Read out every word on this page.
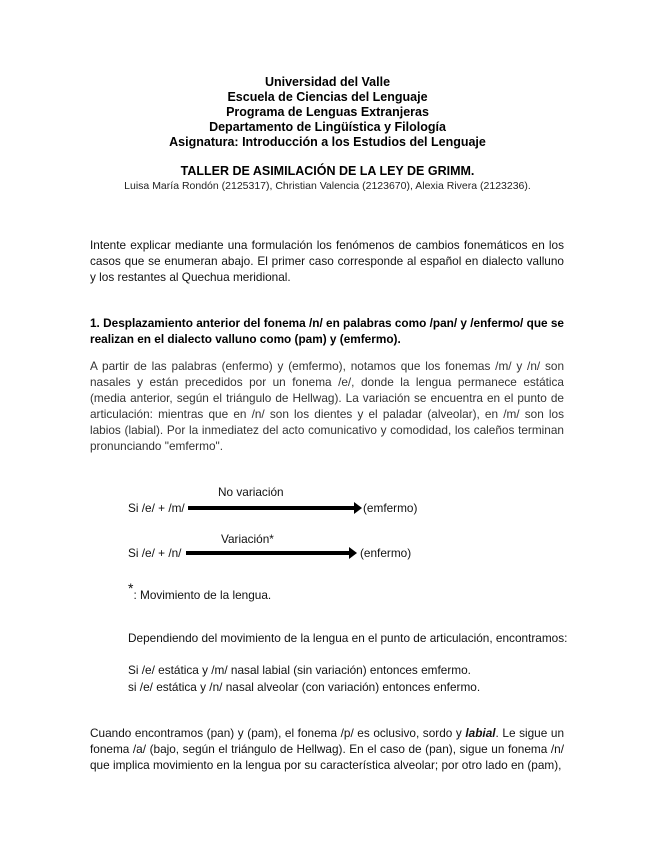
Universidad del Valle
Escuela de Ciencias del Lenguaje
Programa de Lenguas Extranjeras
Departamento de Lingüística y Filología
Asignatura: Introducción a los Estudios del Lenguaje
TALLER DE ASIMILACIÓN DE LA LEY DE GRIMM.
Luisa María Rondón (2125317), Christian Valencia (2123670), Alexia Rivera (2123236).
Intente explicar mediante una formulación los fenómenos de cambios fonemáticos en los casos que se enumeran abajo. El primer caso corresponde al español en dialecto valluno y los restantes al Quechua meridional.
1. Desplazamiento anterior del fonema /n/ en palabras como /pan/ y /enfermo/ que se realizan en el dialecto valluno como (pam) y (emfermo).
A partir de las palabras (enfermo) y (emfermo), notamos que los fonemas /m/ y /n/ son nasales y están precedidos por un fonema /e/, donde la lengua permanece estática (media anterior, según el triángulo de Hellwag). La variación se encuentra en el punto de articulación: mientras que en /n/ son los dientes y el paladar (alveolar), en /m/ son los labios (labial). Por la inmediatez del acto comunicativo y comodidad, los caleños terminan pronunciando "emfermo".
No variación
Si /e/ + /m/	(emfermo)
Variación*
Si /e/ + /n/	(enfermo)
*: Movimiento de la lengua.
Dependiendo del movimiento de la lengua en el punto de articulación, encontramos:
Si /e/ estática y /m/ nasal labial (sin variación) entonces emfermo.
si /e/ estática y /n/ nasal alveolar (con variación) entonces enfermo.
Cuando encontramos (pan) y (pam), el fonema /p/ es oclusivo, sordo y labial. Le sigue un fonema /a/ (bajo, según el triángulo de Hellwag). En el caso de (pan), sigue un fonema /n/ que implica movimiento en la lengua por su característica alveolar; por otro lado en (pam),
